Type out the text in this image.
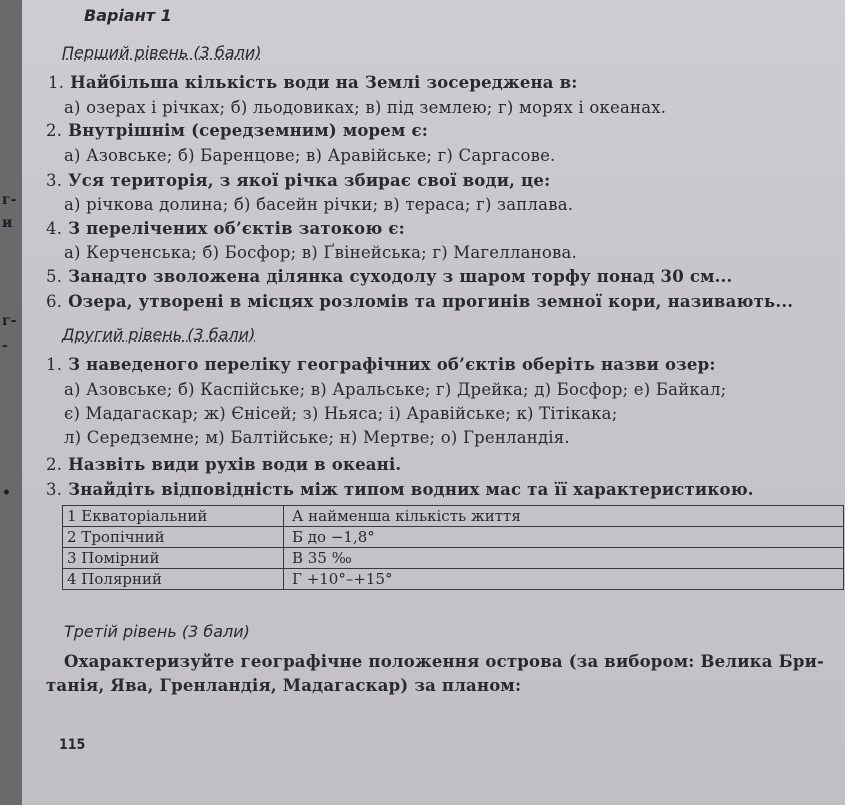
г-
и
г-
-
•
Варіант 1
Перший рівень (3 бали)
1. Найбільша кількість води на Землі зосереджена в:
а) озерах і річках; б) льодовиках; в) під землею; г) морях і океанах.
2. Внутрішнім (середземним) морем є:
а) Азовське; б) Баренцове; в) Аравійське; г) Саргасове.
3. Уся територія, з якої річка збирає свої води, це:
а) річкова долина; б) басейн річки; в) тераса; г) заплава.
4. З перелічених об’єктів затокою є:
а) Керченська; б) Босфор; в) Ґвінейська; г) Магелланова.
5. Занадто зволожена ділянка суходолу з шаром торфу понад 30 см...
6. Озера, утворені в місцях розломів та прогинів земної кори, називають...
Другий рівень (3 бали)
1. З наведеного переліку географічних об’єктів оберіть назви озер:
а) Азовське; б) Каспійське; в) Аральське; г) Дрейка; д) Босфор; е) Байкал;
є) Мадагаскар; ж) Єнісей; з) Ньяса; і) Аравійське; к) Тітікака;
л) Середземне; м) Балтійське; н) Мертве; о) Гренландія.
2. Назвіть види рухів води в океані.
3. Знайдіть відповідність між типом водних мас та її характеристикою.
1 Екваторіальний	А найменша кількість життя
2 Тропічний	Б до −1,8°
3 Помірний	В 35 ‰
4 Полярний	Г +10°–+15°
Третій рівень (3 бали)
Охарактеризуйте географічне положення острова (за вибором: Велика Бри-
танія, Ява, Гренландія, Мадагаскар) за планом:
115
